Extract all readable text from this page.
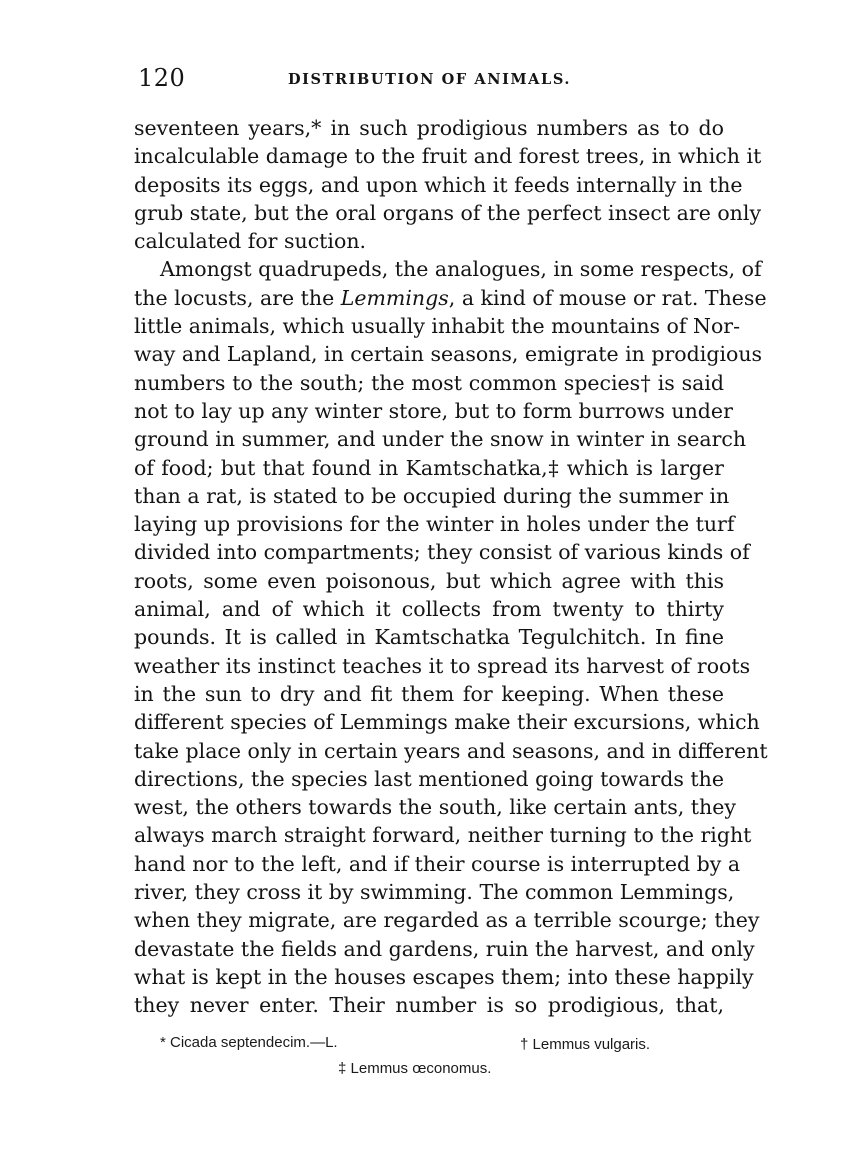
120	DISTRIBUTION OF ANIMALS.
seventeen years,* in such prodigious numbers as to do
incalculable damage to the fruit and forest trees, in which it
deposits its eggs, and upon which it feeds internally in the
grub state, but the oral organs of the perfect insect are only
calculated for suction.
Amongst quadrupeds, the analogues, in some respects, of
the locusts, are the Lemmings, a kind of mouse or rat. These
little animals, which usually inhabit the mountains of Nor-
way and Lapland, in certain seasons, emigrate in prodigious
numbers to the south; the most common species† is said
not to lay up any winter store, but to form burrows under
ground in summer, and under the snow in winter in search
of food; but that found in Kamtschatka,‡ which is larger
than a rat, is stated to be occupied during the summer in
laying up provisions for the winter in holes under the turf
divided into compartments; they consist of various kinds of
roots, some even poisonous, but which agree with this
animal, and of which it collects from twenty to thirty
pounds. It is called in Kamtschatka Tegulchitch. In fine
weather its instinct teaches it to spread its harvest of roots
in the sun to dry and fit them for keeping. When these
different species of Lemmings make their excursions, which
take place only in certain years and seasons, and in different
directions, the species last mentioned going towards the
west, the others towards the south, like certain ants, they
always march straight forward, neither turning to the right
hand nor to the left, and if their course is interrupted by a
river, they cross it by swimming. The common Lemmings,
when they migrate, are regarded as a terrible scourge; they
devastate the fields and gardens, ruin the harvest, and only
what is kept in the houses escapes them; into these happily
they never enter. Their number is so prodigious, that,
* Cicada septendecim.—L.	† Lemmus vulgaris.
‡ Lemmus œconomus.
